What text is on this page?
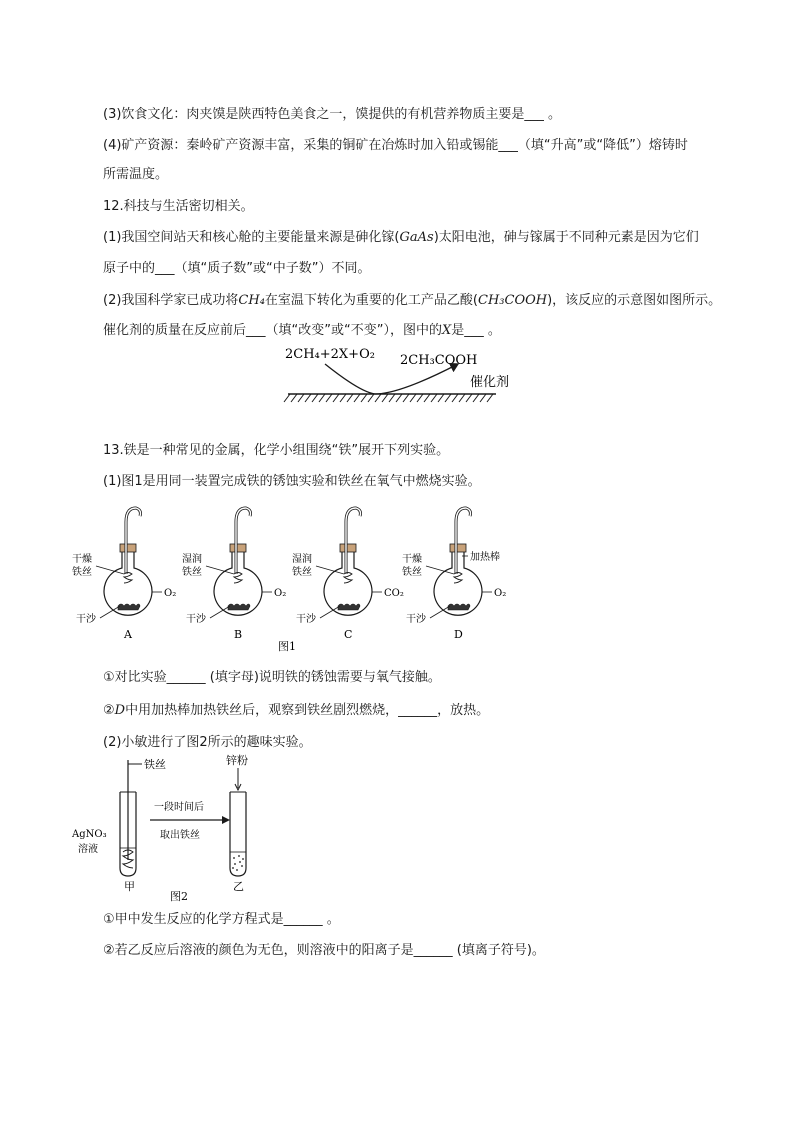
(3)饮食文化：肉夹馍是陕西特色美食之一，馍提供的有机营养物质主要是___ 。
(4)矿产资源：秦岭矿产资源丰富，采集的铜矿在冶炼时加入铅或锡能___（填“升高”或“降低”）熔铸时
所需温度。
12.科技与生活密切相关。
(1)我国空间站天和核心舱的主要能量来源是砷化镓(GaAs)太阳电池，砷与镓属于不同种元素是因为它们
原子中的___（填“质子数”或“中子数”）不同。
(2)我国科学家已成功将CH₄在室温下转化为重要的化工产品乙酸(CH₃COOH)，该反应的示意图如图所示。
催化剂的质量在反应前后___（填“改变”或“不变”），图中的X是___ 。
2CH₄+2X+O₂ 2CH₃COOH
催化剂
13.铁是一种常见的金属，化学小组围绕“铁”展开下列实验。
(1)图1是用同一装置完成铁的锈蚀实验和铁丝在氧气中燃烧实验。
干燥
铁丝
O₂
干沙
A
湿润
铁丝
O₂
干沙
B
湿润
铁丝
CO₂
干沙
C
干燥
铁丝
O₂
干沙
D
加热棒
图1
①对比实验______ (填字母)说明铁的锈蚀需要与氧气接触。
②D中用加热棒加热铁丝后，观察到铁丝剧烈燃烧，______，放热。
(2)小敏进行了图2所示的趣味实验。
铁丝
AgNO₃
溶液
甲
一段时间后
取出铁丝
锌粉
乙
图2
①甲中发生反应的化学方程式是______ 。
②若乙反应后溶液的颜色为无色，则溶液中的阳离子是______ (填离子符号)。
